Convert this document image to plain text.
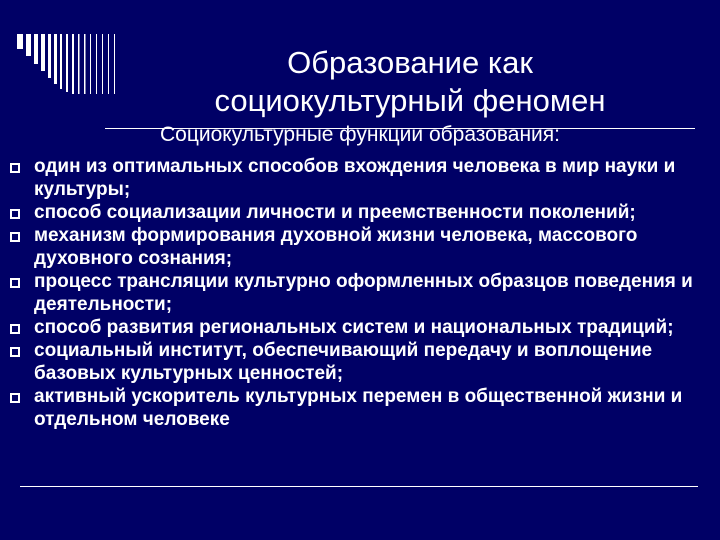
Образование как
социокультурный феномен

Социокультурные функции образования:

один из оптимальных способов вхождения человека в мир науки и культуры;
способ социализации личности и преемственности поколений;
механизм формирования духовной жизни человека, массового духовного сознания;
процесс трансляции культурно оформленных образцов поведения и деятельности;
способ развития региональных систем и национальных традиций;
социальный институт, обеспечивающий передачу и воплощение базовых культурных ценностей;
активный ускоритель культурных перемен в общественной жизни и отдельном человеке
